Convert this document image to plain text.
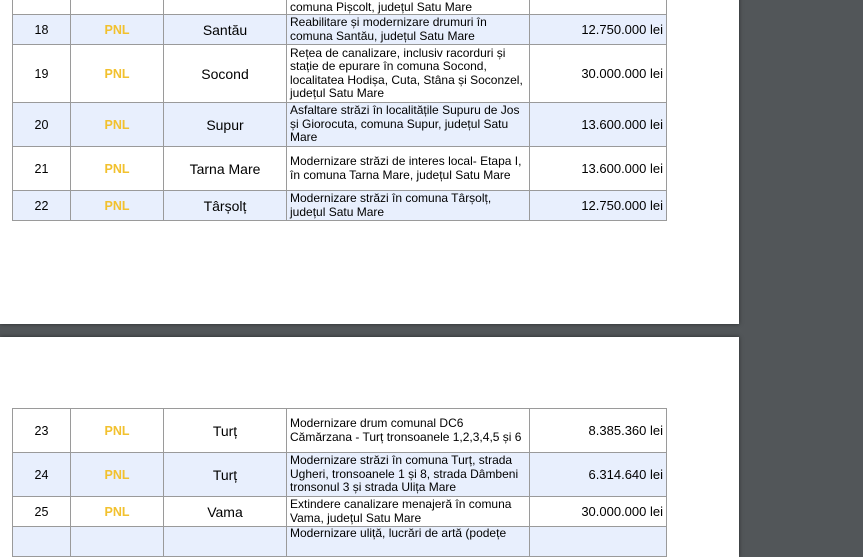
			comuna Pișcolt, județul Satu Mare	
18	PNL	Santău	Reabilitare și modernizare drumuri în comuna Santău, județul Satu Mare	12.750.000 lei
19	PNL	Socond	Rețea de canalizare, inclusiv racorduri și stație de epurare în comuna Socond, localitatea Hodișa, Cuta, Stâna și Soconzel, județul Satu Mare	30.000.000 lei
20	PNL	Supur	Asfaltare străzi în localitățile Supuru de Jos și Giorocuta, comuna Supur, județul Satu Mare	13.600.000 lei
21	PNL	Tarna Mare	Modernizare străzi de interes local- Etapa I, în comuna Tarna Mare, județul Satu Mare	13.600.000 lei
22	PNL	Târșolț	Modernizare străzi în comuna Târșolț, județul Satu Mare	12.750.000 lei
23	PNL	Turț	Modernizare drum comunal DC6 Cămărzana - Turț tronsoanele 1,2,3,4,5 și 6	8.385.360 lei
24	PNL	Turț	Modernizare străzi în comuna Turț, strada Ugheri, tronsoanele 1 și 8, strada Dâmbeni tronsonul 3 și strada Ulița Mare	6.314.640 lei
25	PNL	Vama	Extindere canalizare menajeră în comuna Vama, județul Satu Mare	30.000.000 lei
			Modernizare uliță, lucrări de artă (podețe	
